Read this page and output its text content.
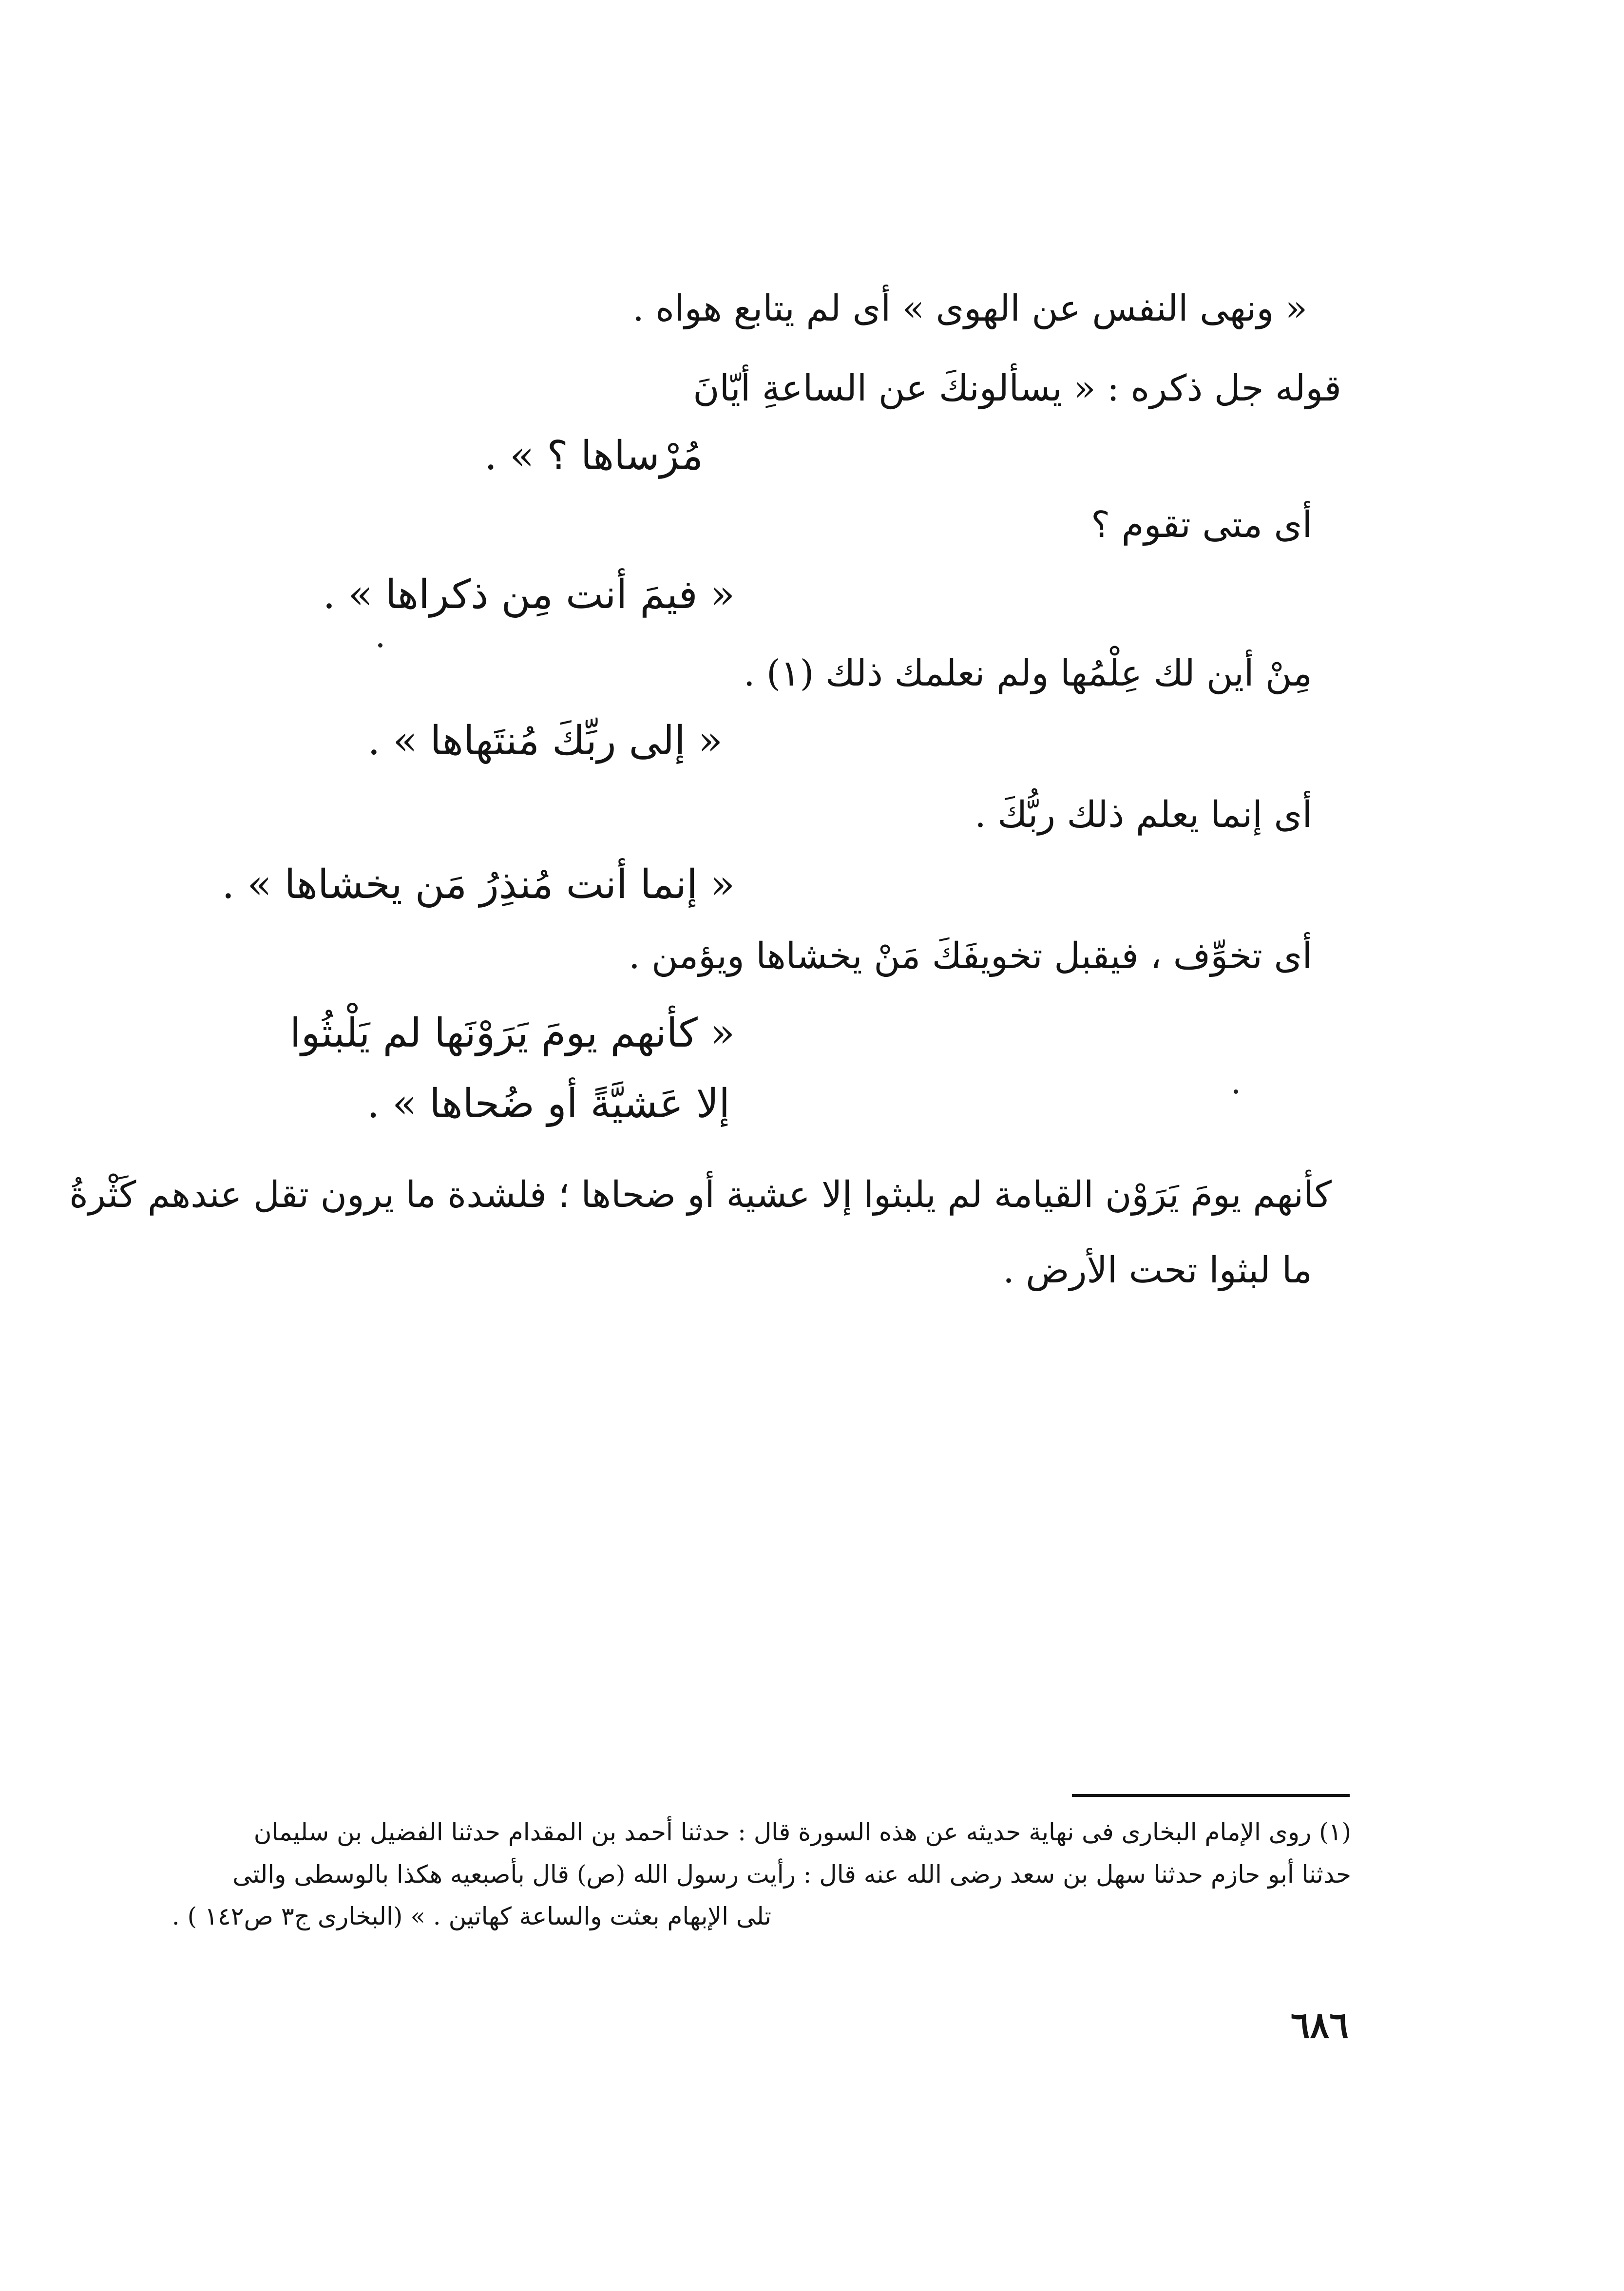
« ونهى النفس عن الهوى » أى لم يتابع هواه .
قوله جل ذكره : « يسألونكَ عن الساعةِ أيّانَ
مُرْساها ؟ » .
أى متى تقوم ؟
« فيمَ أنت مِن ذكراها » .
مِنْ أين لك عِلْمُها ولم نعلمك ذلك (١) .
« إلى ربِّكَ مُنتَهاها » .
أى إنما يعلم ذلك ربُّكَ .
« إنما أنت مُنذِرُ مَن يخشاها » .
أى تخوِّف ، فيقبل تخويفَكَ مَنْ يخشاها ويؤمن .
« كأنهم يومَ يَرَوْنَها لم يَلْبثُوا
إلا عَشيَّةً أو ضُحاها » .
كأنهم يومَ يَرَوْن القيامة لم يلبثوا إلا عشية أو ضحاها ؛ فلشدة ما يرون تقل عندهم كَثْرةُ
ما لبثوا تحت الأرض .
(١) روى الإمام البخارى فى نهاية حديثه عن هذه السورة قال : حدثنا أحمد بن المقدام حدثنا الفضيل بن سليمان
حدثنا أبو حازم حدثنا سهل بن سعد رضى الله عنه قال : رأيت رسول الله (ص) قال بأصبعيه هكذا بالوسطى والتى
تلى الإبهام بعثت والساعة كهاتين . » (البخارى ج٣ ص١٤٢ ) .
٦٨٦
